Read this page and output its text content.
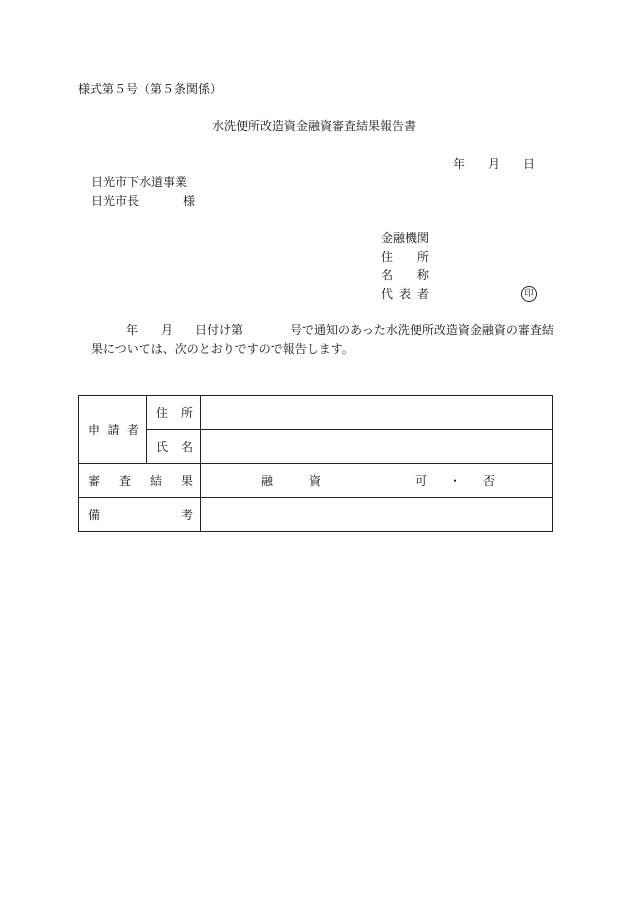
様式第５号（第５条関係）
水洗便所改造資金融資審査結果報告書
年 月 日
日光市下水道事業
日光市長	様
金融機関
住 所
名 称
代 表 者	印
年 月 日付け第	号で通知のあった水洗便所改造資金融資の審査結
果については、次のとおりですので報告します。
申 請 者	住 所	

	氏 名	

審 査 結 果		融 資 可 ・ 否

備 考		
